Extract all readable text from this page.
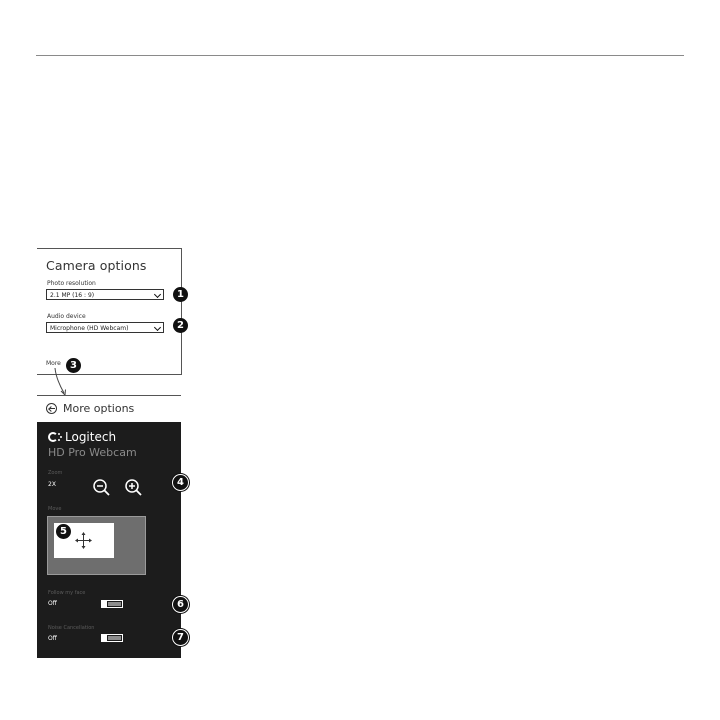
Camera options
Photo resolution
2.1 MP (16 : 9)
Audio device
Microphone (HD Webcam)
More
1
2
3
More options
Logitech
HD Pro Webcam
Zoom
2X
Move
Follow my face
Off
Noise Cancellation
Off
4
5
6
7
